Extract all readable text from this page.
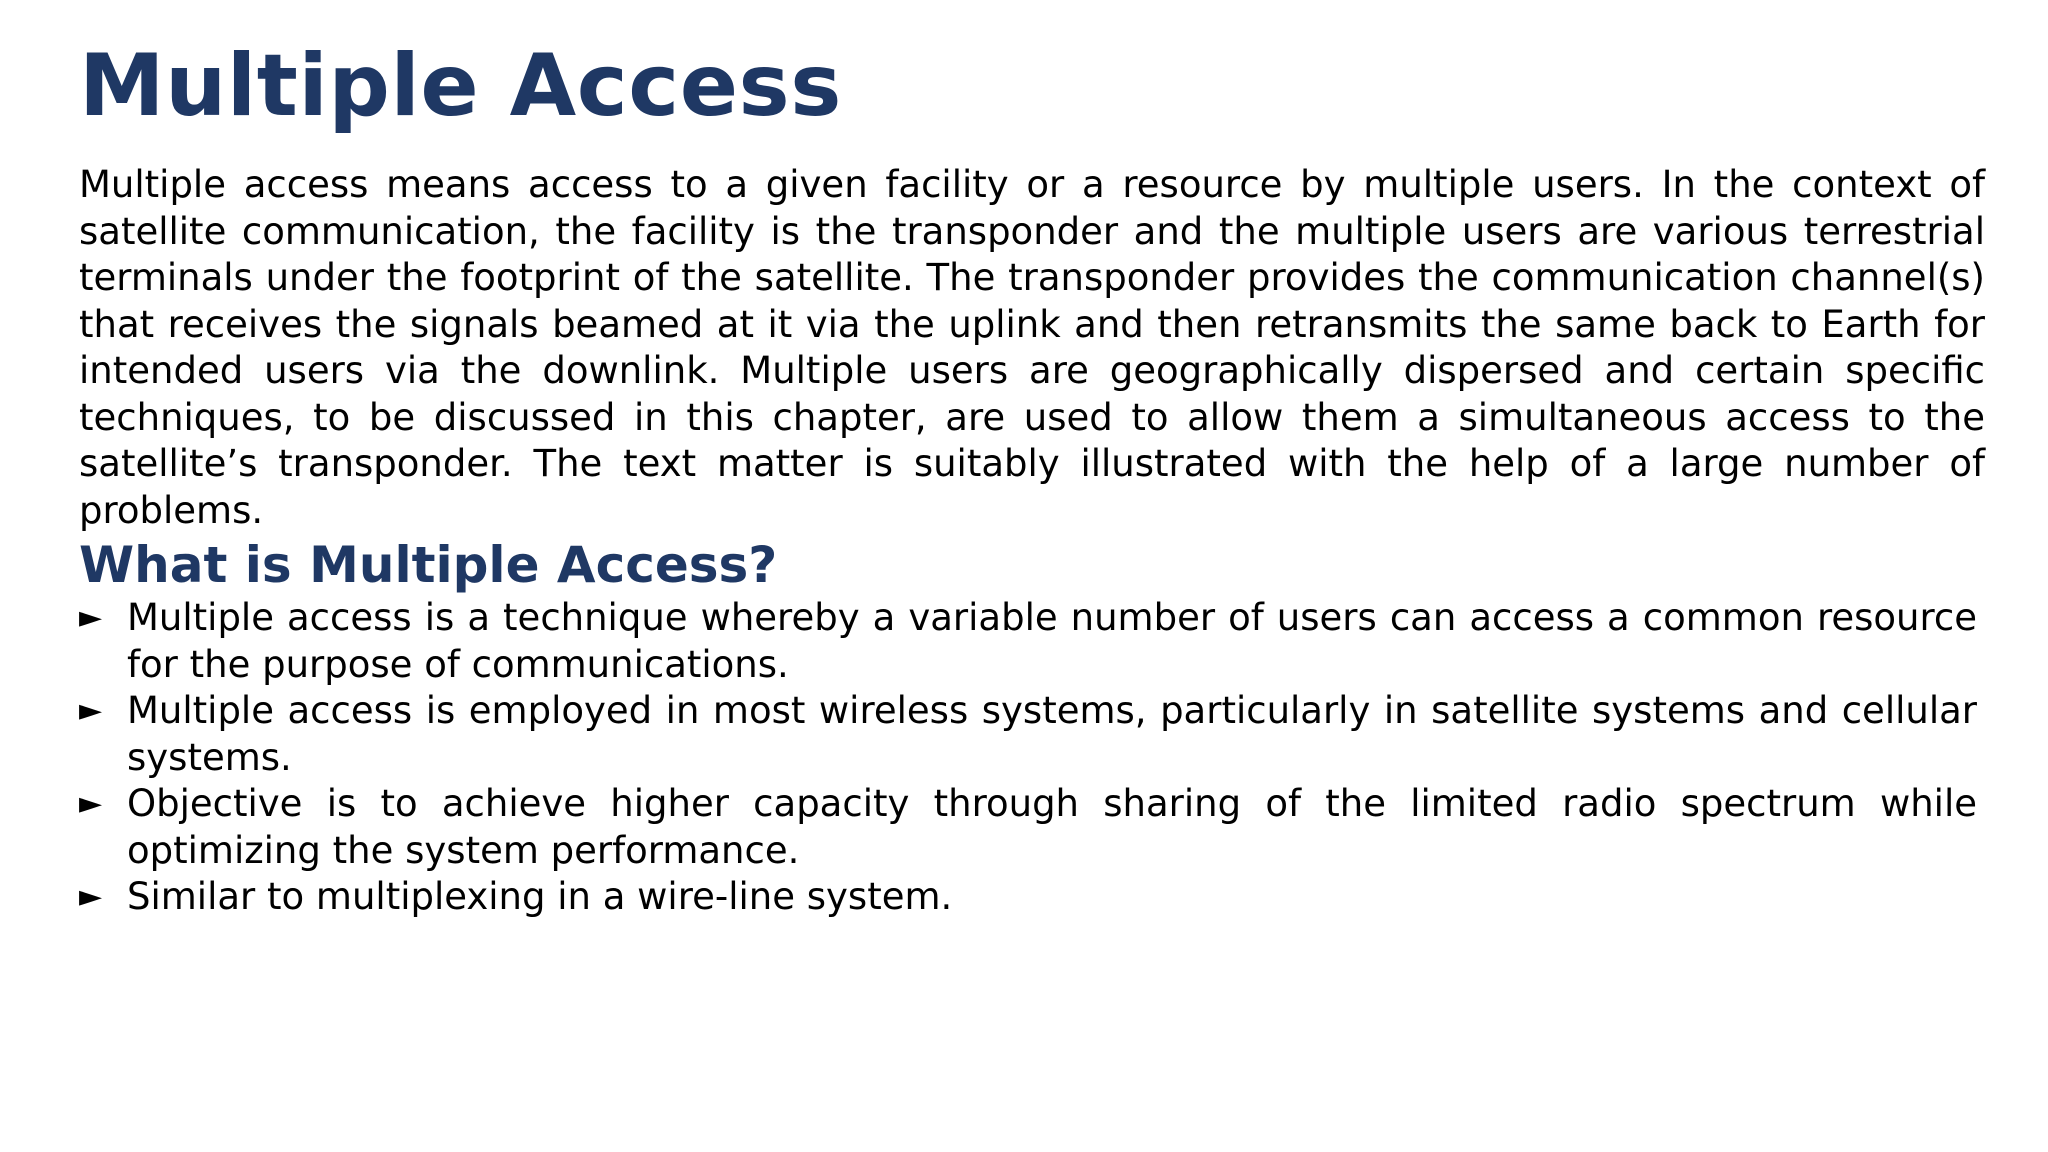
Multiple Access

Multiple access means access to a given facility or a resource by multiple users. In the context of satellite communication, the facility is the transponder and the multiple users are various terrestrial terminals under the footprint of the satellite. The transponder provides the communication channel(s) that receives the signals beamed at it via the uplink and then retransmits the same back to Earth for intended users via the downlink. Multiple users are geographically dispersed and certain specific techniques, to be discussed in this chapter, are used to allow them a simultaneous access to the satellite’s transponder. The text matter is suitably illustrated with the help of a large number of problems.

What is Multiple Access?
► Multiple access is a technique whereby a variable number of users can access a common resource for the purpose of communications.
► Multiple access is employed in most wireless systems, particularly in satellite systems and cellular systems.
► Objective is to achieve higher capacity through sharing of the limited radio spectrum while optimizing the system performance.
► Similar to multiplexing in a wire-line system.
